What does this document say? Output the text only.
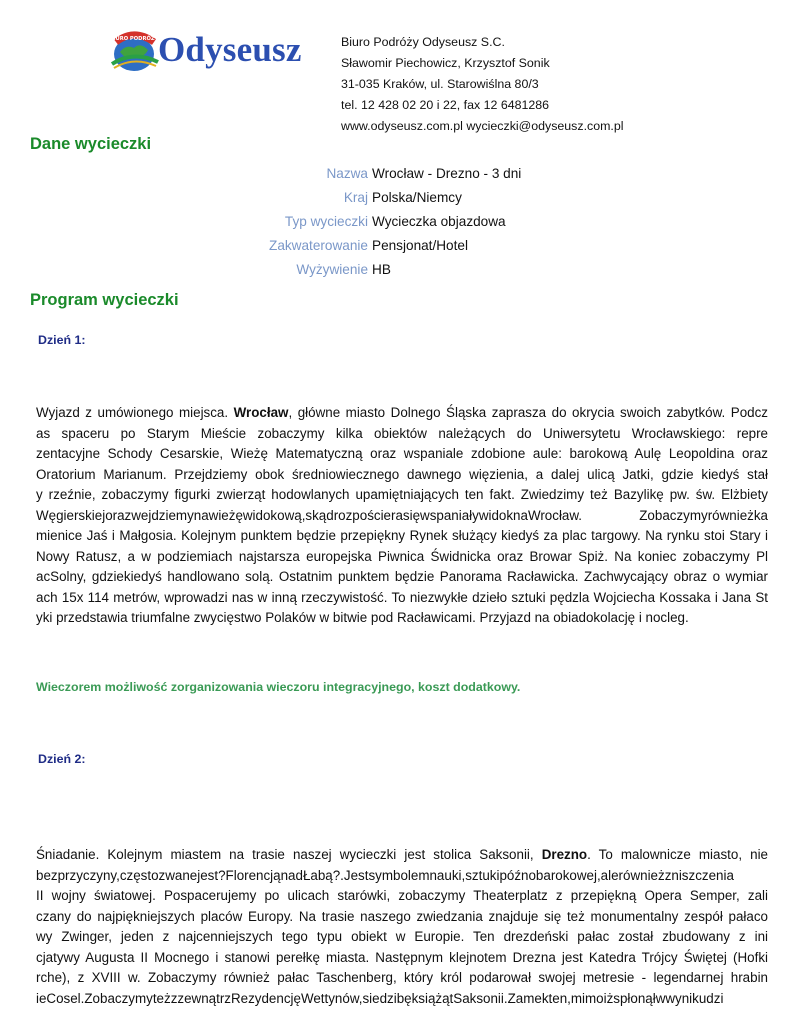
BIURO PODRÓŻY Odyseusz	Biuro Podróży Odyseusz S.C.
Sławomir Piechowicz, Krzysztof Sonik
31-035 Kraków, ul. Starowiślna 80/3
tel. 12 428 02 20 i 22, fax 12 6481286
www.odyseusz.com.pl wycieczki@odyseusz.com.pl
Dane wycieczki
Nazwa Wrocław - Drezno - 3 dni
Kraj Polska/Niemcy
Typ wycieczki Wycieczka objazdowa
Zakwaterowanie Pensjonat/Hotel
Wyżywienie HB
Program wycieczki
Dzień 1:
Wyjazd z umówionego miejsca. Wrocław, główne miasto Dolnego Śląska zaprasza do okrycia swoich zabytków. Podcz
as spaceru po Starym Mieście zobaczymy kilka obiektów należących do Uniwersytetu Wrocławskiego: repre
zentacyjne Schody Cesarskie, Wieżę Matematyczną oraz wspaniale zdobione aule: barokową Aulę Leopoldina oraz
Oratorium Marianum. Przejdziemy obok średniowiecznego dawnego więzienia, a dalej ulicą Jatki, gdzie kiedyś stał
y rzeźnie, zobaczymy figurki zwierząt hodowlanych upamiętniających ten fakt. Zwiedzimy też Bazylikę pw. św. Elżbiety
Węgierskiejorazwejdziemynawieżęwidokową,skądrozpościerasięwspaniaływidoknaWrocław. Zobaczymyrównieżka
mienice Jaś i Małgosia. Kolejnym punktem będzie przepiękny Rynek służący kiedyś za plac targowy. Na rynku stoi Stary i
Nowy Ratusz, a w podziemiach najstarsza europejska Piwnica Świdnicka oraz Browar Spiż. Na koniec zobaczymy Pl
acSolny, gdziekiedyś handlowano solą. Ostatnim punktem będzie Panorama Racławicka. Zachwycający obraz o wymiar
ach 15x 114 metrów, wprowadzi nas w inną rzeczywistość. To niezwykłe dzieło sztuki pędzla Wojciecha Kossaka i Jana St
yki przedstawia triumfalne zwycięstwo Polaków w bitwie pod Racławicami. Przyjazd na obiadokolację i nocleg.
Wieczorem możliwość zorganizowania wieczoru integracyjnego, koszt dodatkowy.
Dzień 2:
Śniadanie. Kolejnym miastem na trasie naszej wycieczki jest stolica Saksonii, Drezno. To malownicze miasto, nie
bezprzyczyny,częstozwanejest?FlorencjąnadŁabą?.Jestsymbolemnauki,sztukipóźnobarokowej,alerównieżzniszczenia
II wojny światowej. Pospacerujemy po ulicach starówki, zobaczymy Theaterplatz z przepiękną Opera Semper, zali
czany do najpiękniejszych placów Europy. Na trasie naszego zwiedzania znajduje się też monumentalny zespół pałaco
wy Zwinger, jeden z najcenniejszych tego typu obiekt w Europie. Ten drezdeński pałac został zbudowany z ini
cjatywy Augusta II Mocnego i stanowi perełkę miasta. Następnym klejnotem Drezna jest Katedra Trójcy Świętej (Hofki
rche), z XVIII w. Zobaczymy również pałac Taschenberg, który król podarował swojej metresie - legendarnej hrabin
ieCosel.ZobaczymyteżzzewnątrzRezydencjęWettynów,siedzibęksiążątSaksonii.Zamekten,mimoiżspłonąłwwynikudzi
